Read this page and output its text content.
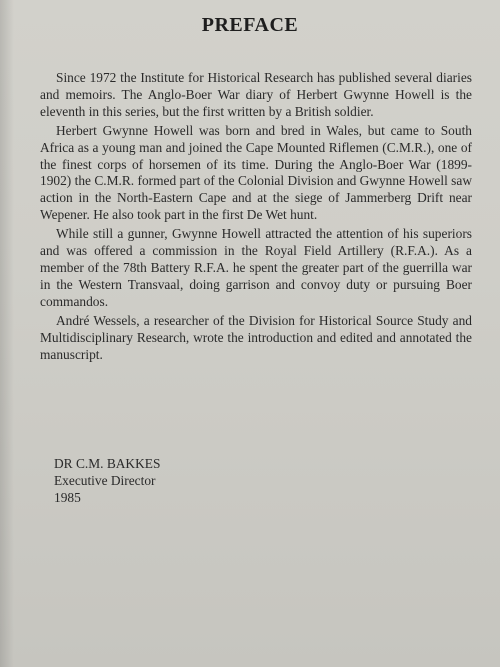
PREFACE

Since 1972 the Institute for Historical Research has published several diaries and memoirs. The Anglo-Boer War diary of Herbert Gwynne Howell is the eleventh in this series, but the first written by a British soldier.

Herbert Gwynne Howell was born and bred in Wales, but came to South Africa as a young man and joined the Cape Mounted Riflemen (C.M.R.), one of the finest corps of horsemen of its time. During the Anglo-Boer War (1899-1902) the C.M.R. formed part of the Colonial Division and Gwynne Howell saw action in the North-Eastern Cape and at the siege of Jammerberg Drift near Wepener. He also took part in the first De Wet hunt.

While still a gunner, Gwynne Howell attracted the attention of his superiors and was offered a commission in the Royal Field Artillery (R.F.A.). As a member of the 78th Battery R.F.A. he spent the greater part of the guerrilla war in the Western Transvaal, doing garrison and convoy duty or pursuing Boer commandos.

André Wessels, a researcher of the Division for Historical Source Study and Multidisciplinary Research, wrote the introduction and edited and annotated the manuscript.

DR C.M. BAKKES
Executive Director
1985
